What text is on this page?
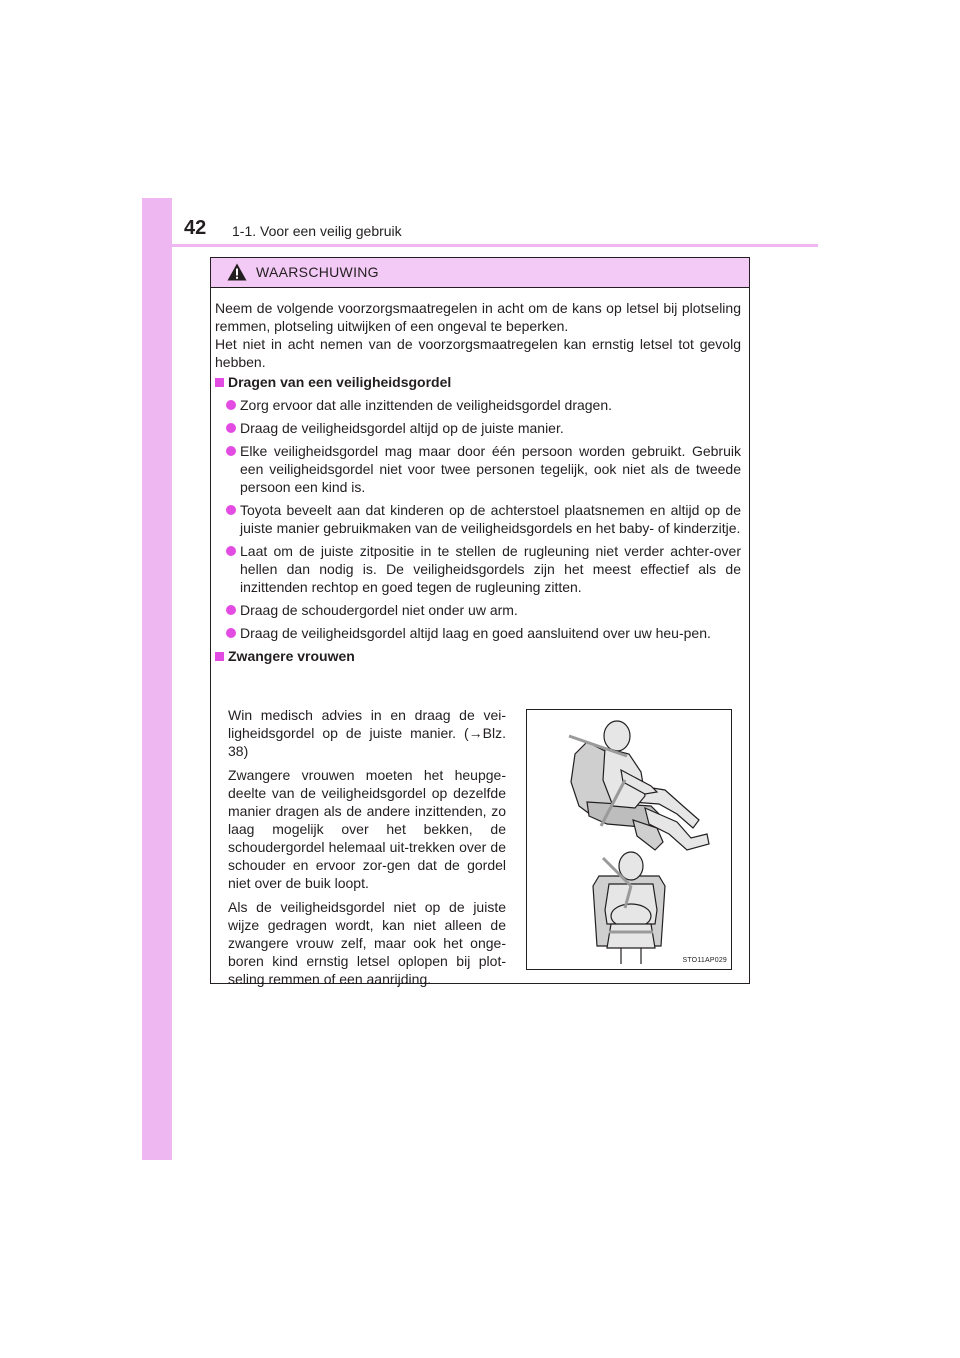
42 1-1. Voor een veilig gebruik
WAARSCHUWING

Neem de volgende voorzorgsmaatregelen in acht om de kans op letsel bij plotseling remmen, plotseling uitwijken of een ongeval te beperken.

Het niet in acht nemen van de voorzorgsmaatregelen kan ernstig letsel tot gevolg hebben.

Dragen van een veiligheidsgordel
Zorg ervoor dat alle inzittenden de veiligheidsgordel dragen.
Draag de veiligheidsgordel altijd op de juiste manier.
Elke veiligheidsgordel mag maar door één persoon worden gebruikt. Gebruik een veiligheidsgordel niet voor twee personen tegelijk, ook niet als de tweede persoon een kind is.
Toyota beveelt aan dat kinderen op de achterstoel plaatsnemen en altijd op de juiste manier gebruikmaken van de veiligheidsgordels en het baby- of kinderzitje.
Laat om de juiste zitpositie in te stellen de rugleuning niet verder achter-over hellen dan nodig is. De veiligheidsgordels zijn het meest effectief als de inzittenden rechtop en goed tegen de rugleuning zitten.
Draag de schoudergordel niet onder uw arm.
Draag de veiligheidsgordel altijd laag en goed aansluitend over uw heu-pen.
Zwangere vrouwen

Win medisch advies in en draag de vei-ligheidsgordel op de juiste manier. (→Blz. 38)

Zwangere vrouwen moeten het heupge-deelte van de veiligheidsgordel op dezelfde manier dragen als de andere inzittenden, zo laag mogelijk over het bekken, de schoudergordel helemaal uit-trekken over de schouder en ervoor zor-gen dat de gordel niet over de buik loopt.

Als de veiligheidsgordel niet op de juiste wijze gedragen wordt, kan niet alleen de zwangere vrouw zelf, maar ook het onge-boren kind ernstig letsel oplopen bij plot-seling remmen of een aanrijding.

STO11AP029
